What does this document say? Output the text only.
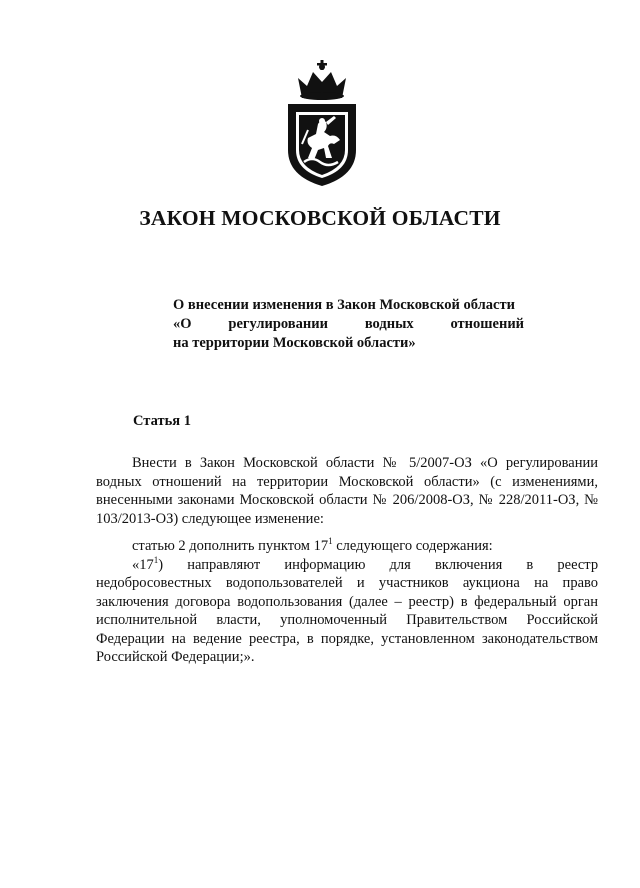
ЗАКОН МОСКОВСКОЙ ОБЛАСТИ
О внесении изменения в Закон Московской области
«О	регулировании	водных	отношений
на территории Московской области»
Статья 1

Внести в Закон Московской области № 5/2007-ОЗ «О регулировании водных отношений на территории Московской области» (с изменениями, внесенными законами Московской области № 206/2008-ОЗ, № 228/2011-ОЗ, № 103/2013-ОЗ) следующее изменение:

статью 2 дополнить пунктом $17^1$ следующего содержания:

«$17^1$) направляют информацию для включения в реестр

недобросовестных водопользователей и участников аукциона на право заключения договора водопользования (далее – реестр) в федеральный орган исполнительной власти, уполномоченный Правительством Российской Федерации на ведение реестра, в порядке, установленном законодательством Российской Федерации;».
